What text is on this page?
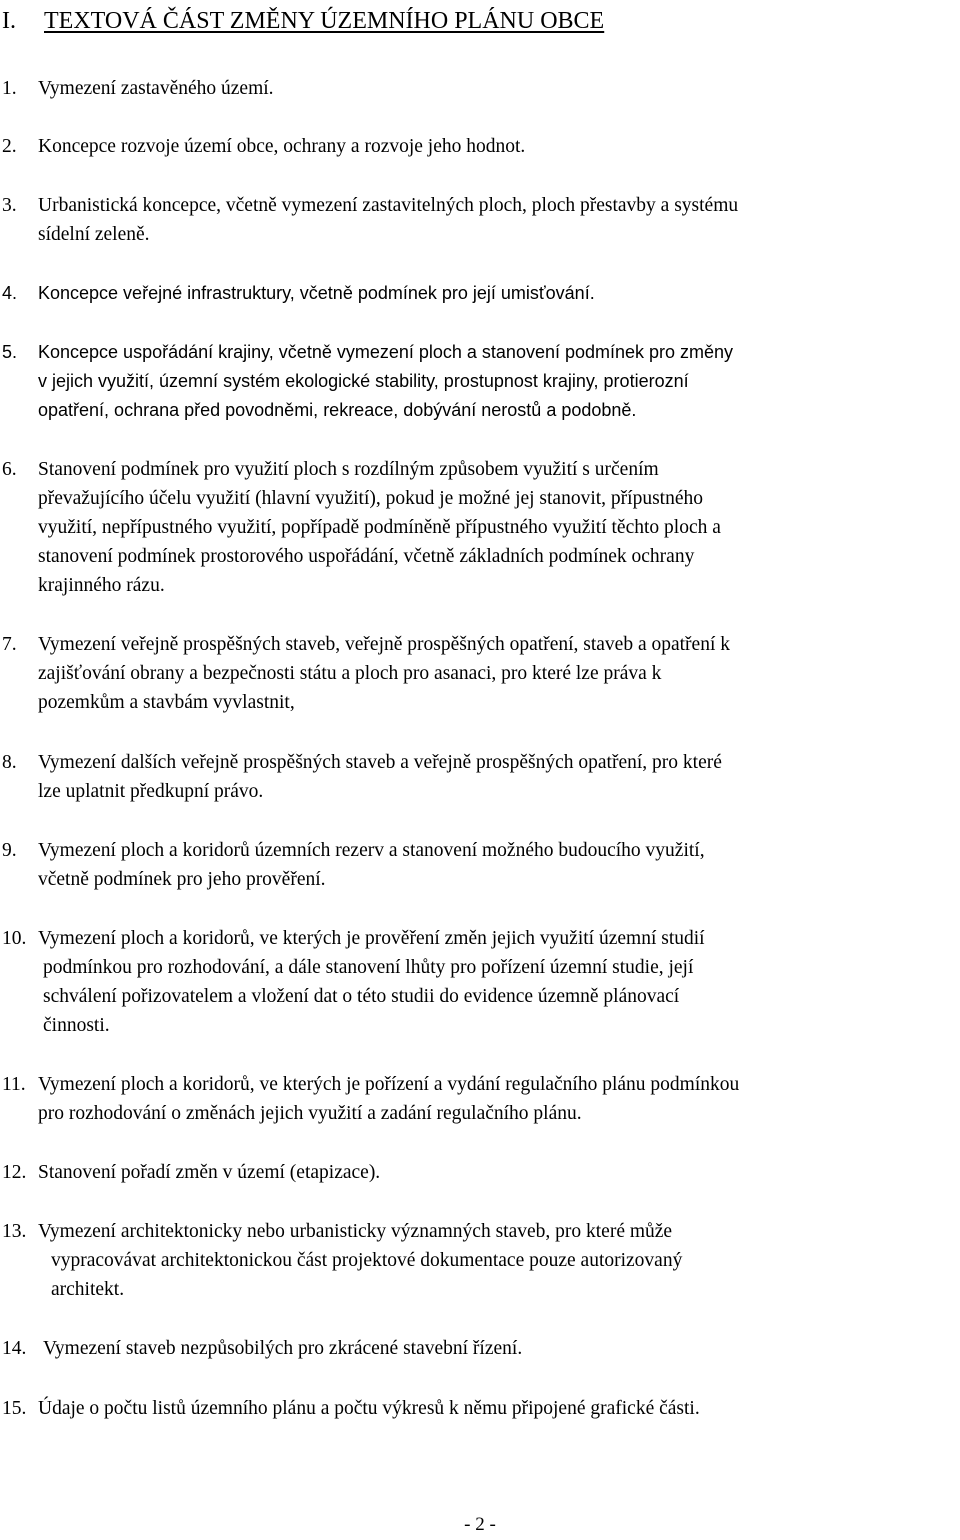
I. TEXTOVÁ ČÁST ZMĚNY ÚZEMNÍHO PLÁNU OBCE
1. Vymezení zastavěného území.
2. Koncepce rozvoje území obce, ochrany a rozvoje jeho hodnot.
3. Urbanistická koncepce, včetně vymezení zastavitelných ploch, ploch přestavby a systému
sídelní zeleně.
4. Koncepce veřejné infrastruktury, včetně podmínek pro její umisťování.
5. Koncepce uspořádání krajiny, včetně vymezení ploch a stanovení podmínek pro změny
v jejich využití, územní systém ekologické stability, prostupnost krajiny, protierozní
opatření, ochrana před povodněmi, rekreace, dobývání nerostů a podobně.
6. Stanovení podmínek pro využití ploch s rozdílným způsobem využití s určením
převažujícího účelu využití (hlavní využití), pokud je možné jej stanovit, přípustného
využití, nepřípustného využití, popřípadě podmíněně přípustného využití těchto ploch a
stanovení podmínek prostorového uspořádání, včetně základních podmínek ochrany
krajinného rázu.
7. Vymezení veřejně prospěšných staveb, veřejně prospěšných opatření, staveb a opatření k
zajišťování obrany a bezpečnosti státu a ploch pro asanaci, pro které lze práva k
pozemkům a stavbám vyvlastnit,
8. Vymezení dalších veřejně prospěšných staveb a veřejně prospěšných opatření, pro které
lze uplatnit předkupní právo.
9. Vymezení ploch a koridorů územních rezerv a stanovení možného budoucího využití,
včetně podmínek pro jeho prověření.
10. Vymezení ploch a koridorů, ve kterých je prověření změn jejich využití územní studií
podmínkou pro rozhodování, a dále stanovení lhůty pro pořízení územní studie, její
schválení pořizovatelem a vložení dat o této studii do evidence územně plánovací
činnosti.
11. Vymezení ploch a koridorů, ve kterých je pořízení a vydání regulačního plánu podmínkou
pro rozhodování o změnách jejich využití a zadání regulačního plánu.
12. Stanovení pořadí změn v území (etapizace).
13. Vymezení architektonicky nebo urbanisticky významných staveb, pro které může
vypracovávat architektonickou část projektové dokumentace pouze autorizovaný
architekt.
14. Vymezení staveb nezpůsobilých pro zkrácené stavební řízení.
15. Údaje o počtu listů územního plánu a počtu výkresů k němu připojené grafické části.
- 2 -
